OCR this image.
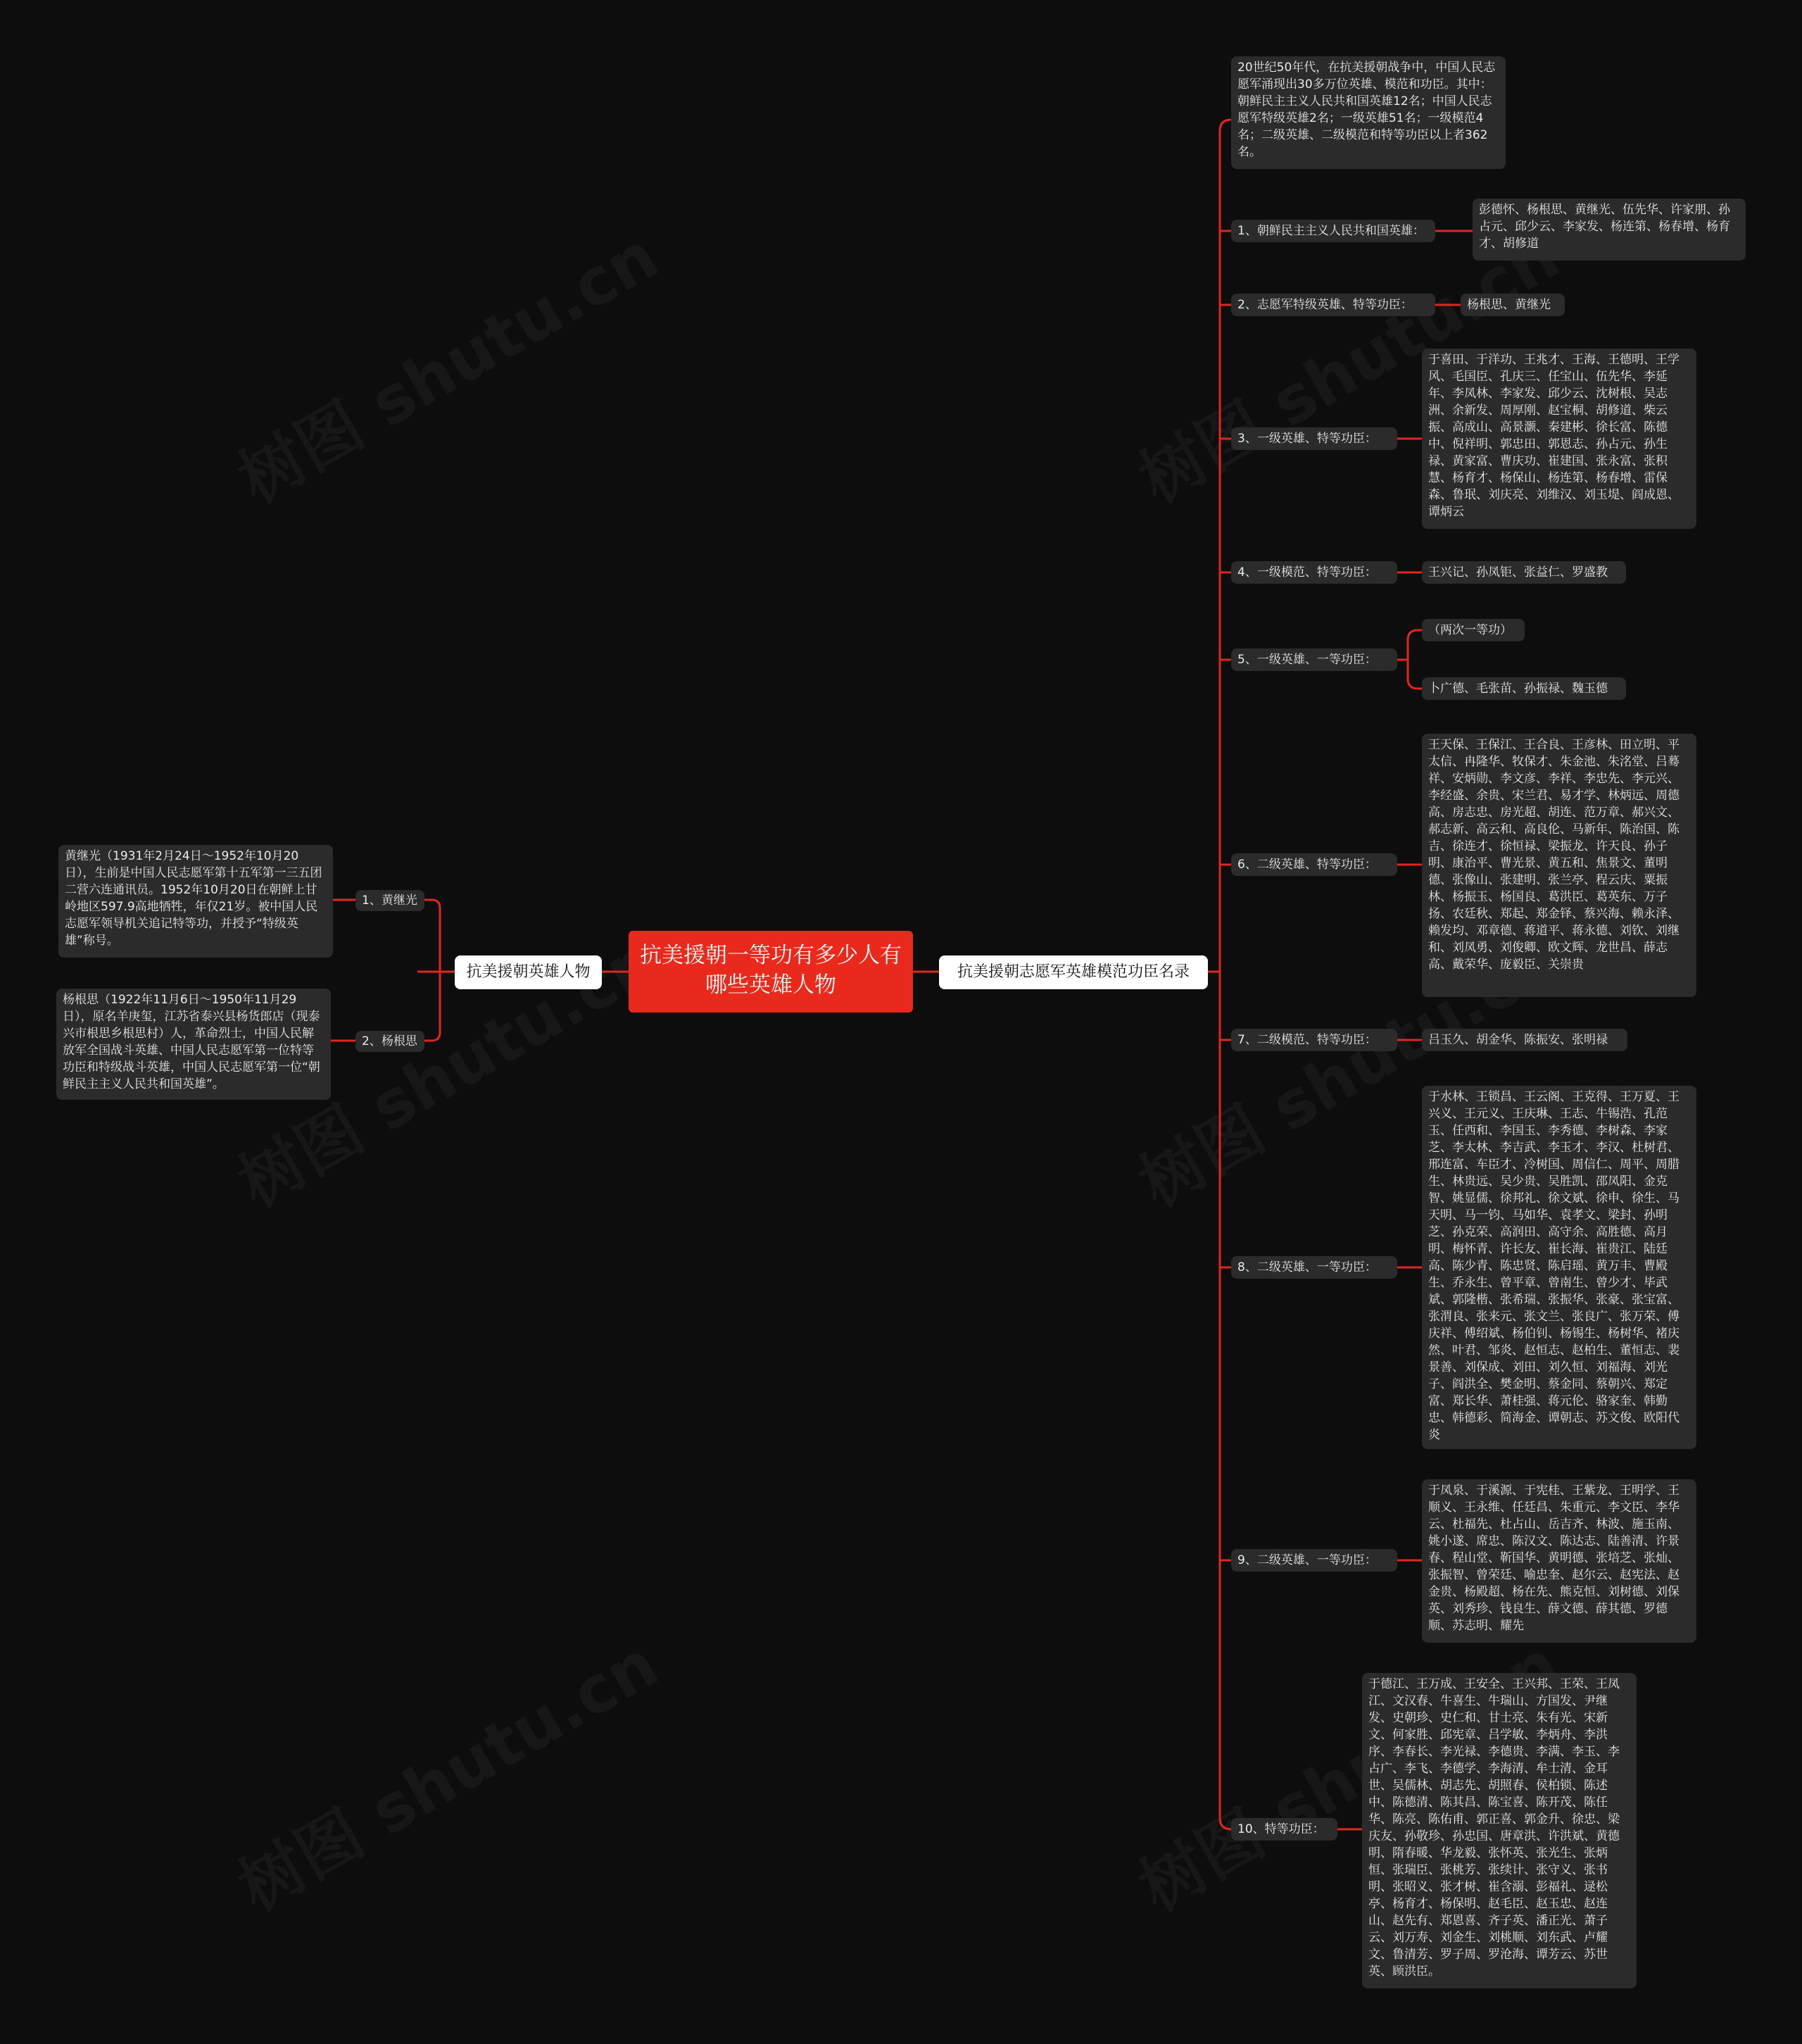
抗美援朝一等功有多少人有哪些英雄人物
抗美援朝英雄人物
1、黄继光
黄继光（1931年2月24日～1952年10月20日），生前是中国人民志愿军第十五军第一三五团二营六连通讯员。1952年10月20日在朝鲜上甘岭地区597.9高地牺牲，年仅21岁。被中国人民志愿军领导机关追记特等功，并授予“特级英雄”称号。
2、杨根思
杨根思（1922年11月6日～1950年11月29日），原名羊庚玺，江苏省泰兴县杨货郎店（现泰兴市根思乡根思村）人，革命烈士，中国人民解放军全国战斗英雄、中国人民志愿军第一位特等功臣和特级战斗英雄，中国人民志愿军第一位“朝鲜民主主义人民共和国英雄”。
抗美援朝志愿军英雄模范功臣名录
20世纪50年代，在抗美援朝战争中，中国人民志愿军涌现出30多万位英雄、模范和功臣。其中：朝鲜民主主义人民共和国英雄12名；中国人民志愿军特级英雄2名；一级英雄51名；一级模范4名；二级英雄、二级模范和特等功臣以上者362名。
1、朝鲜民主主义人民共和国英雄：
彭德怀、杨根思、黄继光、伍先华、许家朋、孙占元、邱少云、李家发、杨连第、杨春增、杨育才、胡修道
2、志愿军特级英雄、特等功臣：	杨根思、黄继光
3、一级英雄、特等功臣：
于喜田、于洋功、王兆才、王海、王德明、王学风、毛国臣、孔庆三、任宝山、伍先华、李延年、李凤林、李家发、邱少云、沈树根、吴志洲、余新发、周厚刚、赵宝桐、胡修道、柴云振、高成山、高景灏、秦建彬、徐长富、陈德中、倪祥明、郭忠田、郭恩志、孙占元、孙生禄、黄家富、曹庆功、崔建国、张永富、张积慧、杨育才、杨保山、杨连第、杨春增、雷保森、鲁珉、刘庆亮、刘维汉、刘玉堤、阎成恩、谭炳云
4、一级模范、特等功臣：	王兴记、孙凤钜、张益仁、罗盛教
5、一级英雄、一等功臣：
（两次一等功）
卜广德、毛张苗、孙振禄、魏玉德
6、二级英雄、特等功臣：
王天保、王保江、王合良、王彦林、田立明、平太信、冉隆华、牧保才、朱金池、朱洺堂、吕蓦祥、安炳勋、李文彦、李祥、李忠先、李元兴、李经盛、余贵、宋兰君、易才学、林炳远、周德高、房志忠、房光超、胡连、范万章、郝兴文、郝志新、高云和、高良伦、马新年、陈治国、陈吉、徐连才、徐恒禄、梁振龙、许天良、孙子明、康治平、曹光景、黄五和、焦景文、董明德、张像山、张建明、张兰亭、程云庆、粟振林、杨振玉、杨国良、葛洪臣、葛英东、万子扬、农廷秋、郑起、郑金铎、蔡兴海、赖永泽、赖发均、邓章德、蒋道平、蒋永德、刘钦、刘继和、刘凤勇、刘俊卿、欧文辉、龙世昌、薛志高、戴荣华、庞毅臣、关崇贵
7、二级模范、特等功臣：	吕玉久、胡金华、陈振安、张明禄
8、二级英雄、一等功臣：
于水林、王锁昌、王云阁、王克得、王万夏、王兴义、王元义、王庆琳、王志、牛锡浩、孔范玉、任西和、李国玉、李秀德、李树森、李家芝、李太林、李吉武、李玉才、李汉、杜树君、邢连富、车臣才、冷树国、周信仁、周平、周腊生、林贵远、吴少贵、吴胜凯、邵凤阳、金克智、姚显儒、徐邦礼、徐文斌、徐申、徐生、马天明、马一钧、马如华、袁孝文、梁封、孙明芝、孙克荣、高润田、高守余、高胜德、高月明、梅怀青、许长友、崔长海、崔贵江、陆廷高、陈少青、陈忠贤、陈启瑶、黄万丰、曹殿生、乔永生、曾平章、曾南生、曾少才、毕武斌、郭隆楷、张希瑞、张振华、张豪、张宝富、张渭良、张来元、张文兰、张良广、张万荣、傅庆祥、傅绍斌、杨伯钊、杨锡生、杨树华、褚庆然、叶君、邹炎、赵恒志、赵柏生、董恒志、裴景善、刘保成、刘田、刘久恒、刘福海、刘光子、阎洪全、樊金明、蔡金同、蔡朝兴、郑定富、郑长华、萧桂强、蒋元伦、骆家奎、韩勤忠、韩德彩、简海金、谭朝志、苏文俊、欧阳代炎
9、二级英雄、一等功臣：
于凤泉、于溪源、于宪桂、王紫龙、王明学、王顺义、王永维、任廷昌、朱重元、李文臣、李华云、杜福先、杜占山、岳吉齐、林波、施玉南、姚小遂、席忠、陈汉文、陈达志、陆善清、许景春、程山堂、靳国华、黄明德、张培芝、张灿、张振智、曾荣廷、喻忠奎、赵尔云、赵宪法、赵金贵、杨殿超、杨在先、熊克恒、刘树德、刘保英、刘秀珍、钱良生、薛文德、薛其德、罗德顺、苏志明、耀先
10、特等功臣：
于德江、王万成、王安全、王兴邦、王荣、王凤江、文汉春、牛喜生、牛瑞山、方国发、尹继发、史朝珍、史仁和、甘士亮、朱有光、宋新文、何家胜、邱宪章、吕学敏、李炳舟、李洪序、李春长、李光禄、李德贵、李满、李玉、李占广、李飞、李德学、李海清、牟士清、金耳世、吴儒林、胡志先、胡照春、侯柏锁、陈述中、陈德清、陈其昌、陈宝喜、陈开茂、陈任华、陈亮、陈佑甫、郭正喜、郭金升、徐忠、梁庆友、孙敬珍、孙忠国、唐章洪、许洪斌、黄德明、隋春暖、华龙毅、张怀英、张光生、张炳恒、张瑞臣、张桃芳、张续计、张守义、张书明、张昭义、张才树、崔含溺、彭福礼、逯松亭、杨育才、杨保明、赵毛臣、赵玉忠、赵连山、赵先有、郑恩喜、齐子英、潘正光、萧子云、刘万寿、刘金生、刘桃顺、刘东武、卢耀文、鲁清芳、罗子周、罗沧海、谭芳云、苏世英、顾洪臣。
